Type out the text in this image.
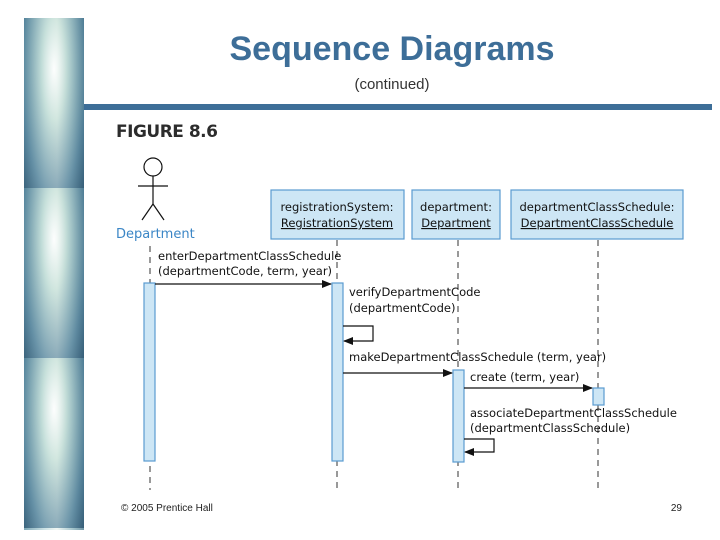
Sequence Diagrams
(continued)
FIGURE 8.6
Department
registrationSystem:
RegistrationSystem
department:
Department
departmentClassSchedule:
DepartmentClassSchedule
enterDepartmentClassSchedule
(departmentCode, term, year)
verifyDepartmentCode
(departmentCode)
makeDepartmentClassSchedule (term, year)
create (term, year)
associateDepartmentClassSchedule
(departmentClassSchedule)
© 2005 Prentice Hall	29
